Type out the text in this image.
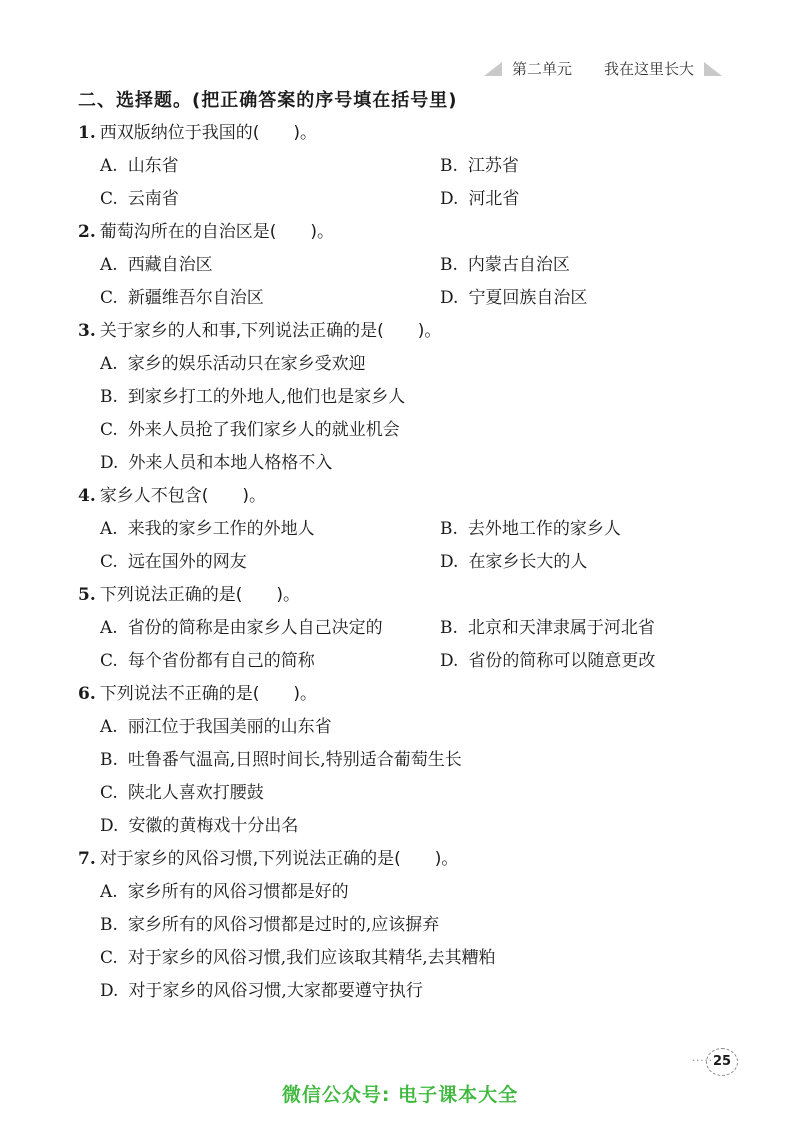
第二单元 我在这里长大
二、选择题。(把正确答案的序号填在括号里)
1. 西双版纳位于我国的(　　)。
A. 山东省	B. 江苏省
C. 云南省	D. 河北省
2. 葡萄沟所在的自治区是(　　)。
A. 西藏自治区	B. 内蒙古自治区
C. 新疆维吾尔自治区	D. 宁夏回族自治区
3. 关于家乡的人和事,下列说法正确的是(　　)。
A. 家乡的娱乐活动只在家乡受欢迎
B. 到家乡打工的外地人,他们也是家乡人
C. 外来人员抢了我们家乡人的就业机会
D. 外来人员和本地人格格不入
4. 家乡人不包含(　　)。
A. 来我的家乡工作的外地人	B. 去外地工作的家乡人
C. 远在国外的网友	D. 在家乡长大的人
5. 下列说法正确的是(　　)。
A. 省份的简称是由家乡人自己决定的	B. 北京和天津隶属于河北省
C. 每个省份都有自己的简称	D. 省份的简称可以随意更改
6. 下列说法不正确的是(　　)。
A. 丽江位于我国美丽的山东省
B. 吐鲁番气温高,日照时间长,特别适合葡萄生长
C. 陕北人喜欢打腰鼓
D. 安徽的黄梅戏十分出名
7. 对于家乡的风俗习惯,下列说法正确的是(　　)。
A. 家乡所有的风俗习惯都是好的
B. 家乡所有的风俗习惯都是过时的,应该摒弃
C. 对于家乡的风俗习惯,我们应该取其精华,去其糟粕
D. 对于家乡的风俗习惯,大家都要遵守执行
····· 25
微信公众号: 电子课本大全
